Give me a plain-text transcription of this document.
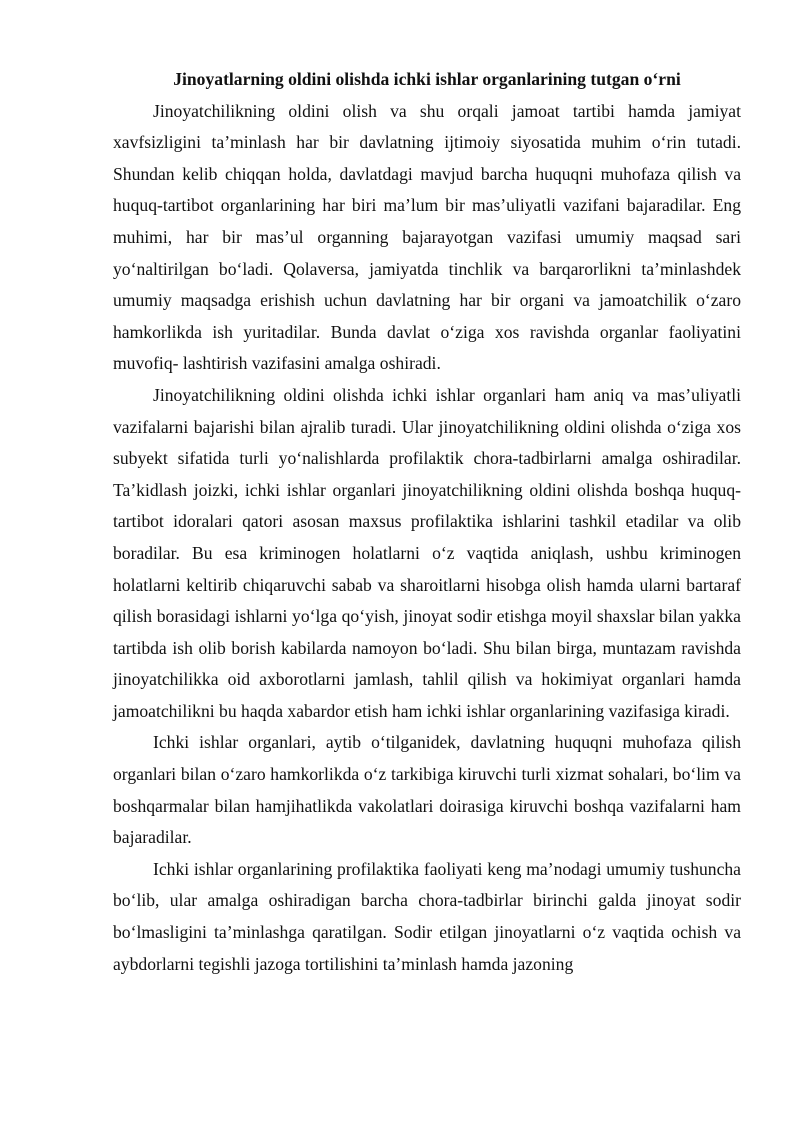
Jinoyatlarning oldini olishda ichki ishlar organlarining tutgan o‘rni

Jinoyatchilikning oldini olish va shu orqali jamoat tartibi hamda jamiyat xavfsizligini ta’minlash har bir davlatning ijtimoiy siyosatida muhim o‘rin tutadi. Shundan kelib chiqqan holda, davlatdagi mavjud barcha huquqni muhofaza qilish va huquq-tartibot organlarining har biri ma’lum bir mas’uliyatli vazifani bajaradilar. Eng muhimi, har bir mas’ul organning bajarayotgan vazifasi umumiy maqsad sari yo‘naltirilgan bo‘ladi. Qolaversa, jamiyatda tinchlik va barqarorlikni ta’minlashdek umumiy maqsadga erishish uchun davlatning har bir organi va jamoatchilik o‘zaro hamkorlikda ish yuritadilar. Bunda davlat o‘ziga xos ravishda organlar faoliyatini muvofiq- lashtirish vazifasini amalga oshiradi.

Jinoyatchilikning oldini olishda ichki ishlar organlari ham aniq va mas’uliyatli vazifalarni bajarishi bilan ajralib turadi. Ular jinoyatchilikning oldini olishda o‘ziga xos subyekt sifatida turli yo‘nalishlarda profilaktik chora-tadbirlarni amalga oshiradilar. Ta’kidlash joizki, ichki ishlar organlari jinoyatchilikning oldini olishda boshqa huquq-tartibot idoralari qatori asosan maxsus profilaktika ishlarini tashkil etadilar va olib boradilar. Bu esa kriminogen holatlarni o‘z vaqtida aniqlash, ushbu kriminogen holatlarni keltirib chiqaruvchi sabab va sharoitlarni hisobga olish hamda ularni bartaraf qilish borasidagi ishlarni yo‘lga qo‘yish, jinoyat sodir etishga moyil shaxslar bilan yakka tartibda ish olib borish kabilarda namoyon bo‘ladi. Shu bilan birga, muntazam ravishda jinoyatchilikka oid axborotlarni jamlash, tahlil qilish va hokimiyat organlari hamda jamoatchilikni bu haqda xabardor etish ham ichki ishlar organlarining vazifasiga kiradi.

Ichki ishlar organlari, aytib o‘tilganidek, davlatning huquqni muhofaza qilish organlari bilan o‘zaro hamkorlikda o‘z tarkibiga kiruvchi turli xizmat sohalari, bo‘lim va boshqarmalar bilan hamjihatlikda vakolatlari doirasiga kiruvchi boshqa vazifalarni ham bajaradilar.

Ichki ishlar organlarining profilaktika faoliyati keng ma’nodagi umumiy tushuncha bo‘lib, ular amalga oshiradigan barcha chora-tadbirlar birinchi galda jinoyat sodir bo‘lmasligini ta’minlashga qaratilgan. Sodir etilgan jinoyatlarni o‘z vaqtida ochish va aybdorlarni tegishli jazoga tortilishini ta’minlash hamda jazoning
